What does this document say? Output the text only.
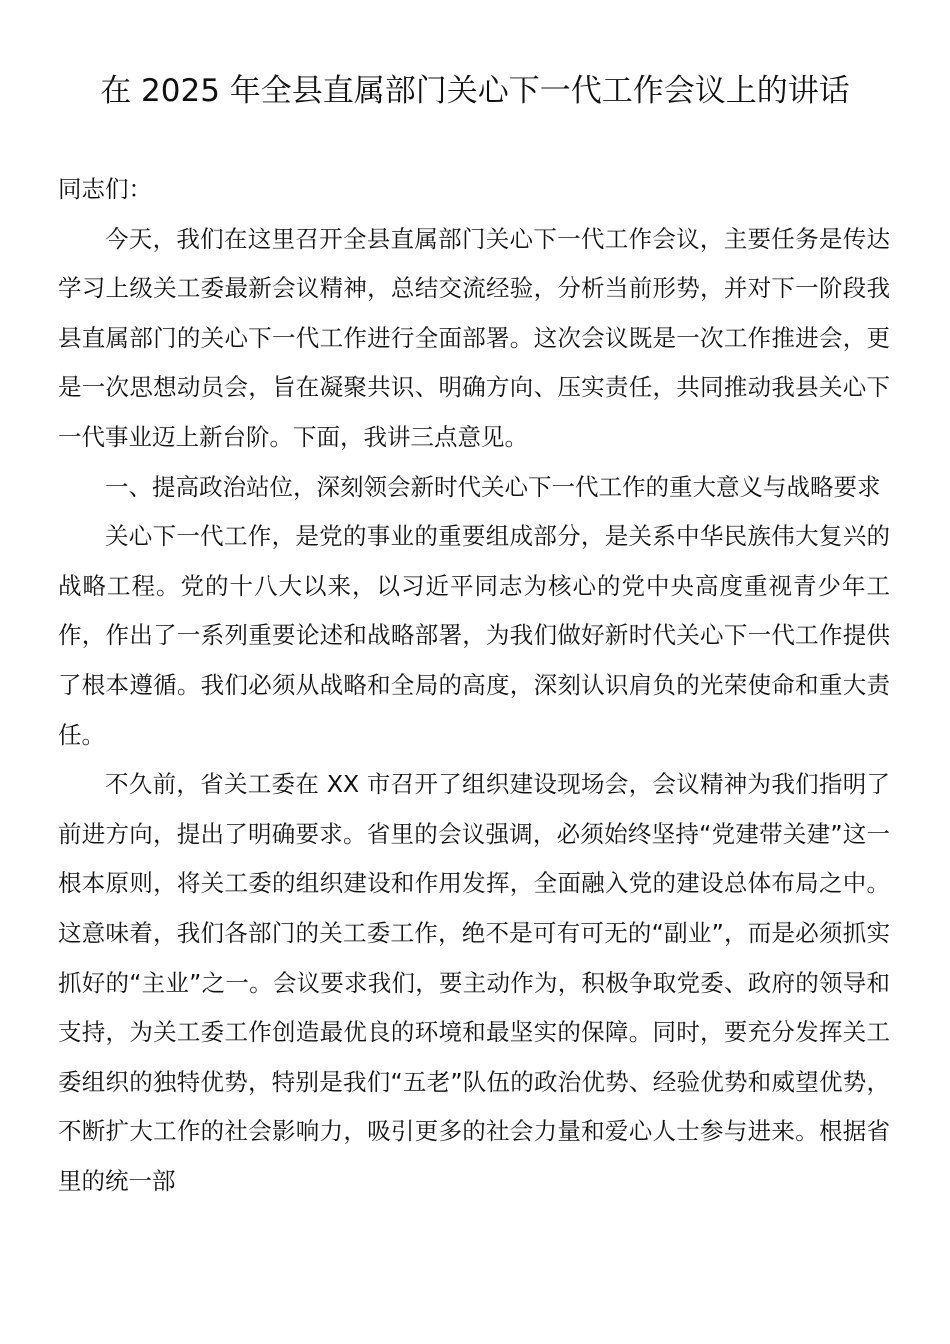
在 2025 年全县直属部门关心下一代工作会议上的讲话

同志们：

今天，我们在这里召开全县直属部门关心下一代工作会议，主要任务是传达学习上级关工委最新会议精神，总结交流经验，分析当前形势，并对下一阶段我县直属部门的关心下一代工作进行全面部署。这次会议既是一次工作推进会，更是一次思想动员会，旨在凝聚共识、明确方向、压实责任，共同推动我县关心下一代事业迈上新台阶。下面，我讲三点意见。

一、提高政治站位，深刻领会新时代关心下一代工作的重大意义与战略要求

关心下一代工作，是党的事业的重要组成部分，是关系中华民族伟大复兴的战略工程。党的十八大以来，以习近平同志为核心的党中央高度重视青少年工作，作出了一系列重要论述和战略部署，为我们做好新时代关心下一代工作提供了根本遵循。我们必须从战略和全局的高度，深刻认识肩负的光荣使命和重大责任。

不久前，省关工委在 XX 市召开了组织建设现场会，会议精神为我们指明了前进方向，提出了明确要求。省里的会议强调，必须始终坚持“党建带关建”这一根本原则，将关工委的组织建设和作用发挥，全面融入党的建设总体布局之中。这意味着，我们各部门的关工委工作，绝不是可有可无的“副业”，而是必须抓实抓好的“主业”之一。会议要求我们，要主动作为，积极争取党委、政府的领导和支持，为关工委工作创造最优良的环境和最坚实的保障。同时，要充分发挥关工委组织的独特优势，特别是我们“五老”队伍的政治优势、经验优势和威望优势，不断扩大工作的社会影响力，吸引更多的社会力量和爱心人士参与进来。根据省里的统一部
